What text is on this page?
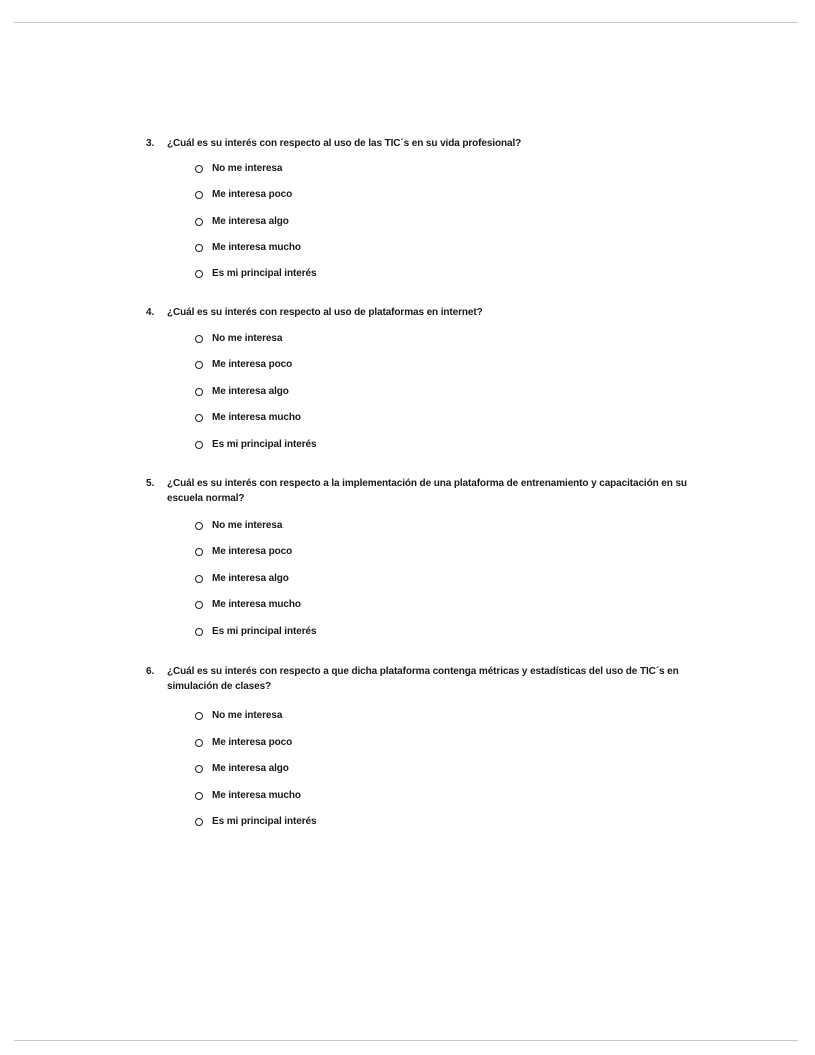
3.	¿Cuál es su interés con respecto al uso de las TIC´s en su vida profesional?
No me interesa
Me interesa poco
Me interesa algo
Me interesa mucho
Es mi principal interés
4.	¿Cuál es su interés con respecto al uso de plataformas en internet?
No me interesa
Me interesa poco
Me interesa algo
Me interesa mucho
Es mi principal interés
5.	¿Cuál es su interés con respecto a la implementación de una plataforma de entrenamiento y capacitación en su escuela normal?
No me interesa
Me interesa poco
Me interesa algo
Me interesa mucho
Es mi principal interés
6.	¿Cuál es su interés con respecto a que dicha plataforma contenga métricas y estadísticas del uso de TIC´s en simulación de clases?
No me interesa
Me interesa poco
Me interesa algo
Me interesa mucho
Es mi principal interés
